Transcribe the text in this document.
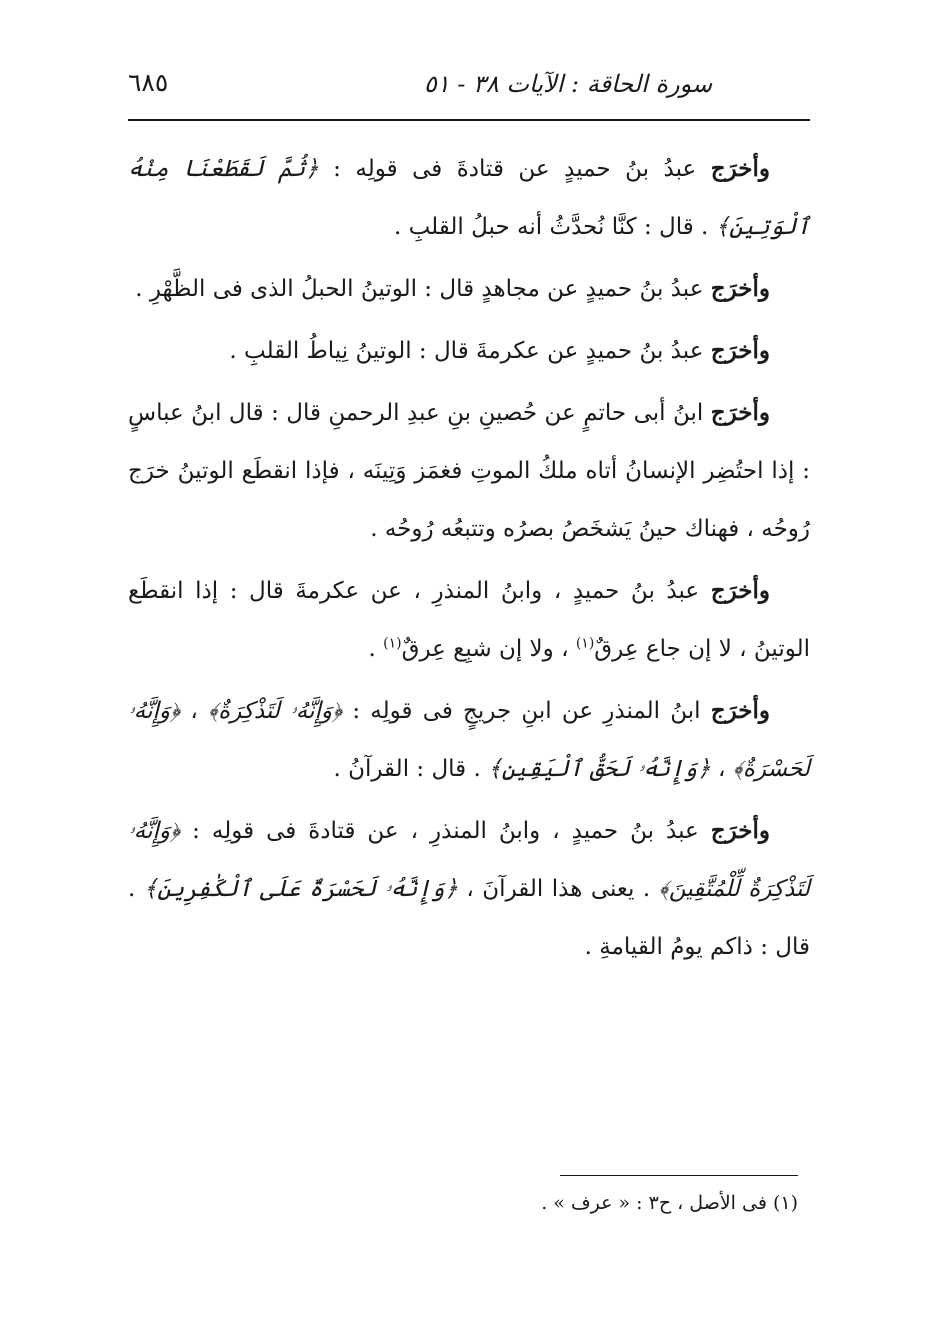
٦٨٥	سورة الحاقة : الآيات ٣٨ - ٥١

وأخرَج عبدُ بنُ حميدٍ عن قتادةَ فى قولِه : ﴿ثُمَّ لَقَطَعْنَا مِنْهُ ٱلْوَتِينَ﴾ . قال : كنَّا نُحدَّثُ أنه حبلُ القلبِ .

وأخرَج عبدُ بنُ حميدٍ عن مجاهدٍ قال : الوتينُ الحبلُ الذى فى الظَّهْرِ .

وأخرَج عبدُ بنُ حميدٍ عن عكرمةَ قال : الوتينُ نِياطُ القلبِ .

وأخرَج ابنُ أبى حاتمٍ عن حُصينِ بنِ عبدِ الرحمنِ قال : قال ابنُ عباسٍ : إذا احتُضِر الإنسانُ أتاه ملكُ الموتِ فغمَز وَتِينَه ، فإذا انقطَع الوتينُ خرَج رُوحُه ، فهناك حينُ يَشخَصُ بصرُه وتتبعُه رُوحُه .

وأخرَج عبدُ بنُ حميدٍ ، وابنُ المنذرِ ، عن عكرمةَ قال : إذا انقطَع الوتينُ ، لا إن جاع عِرقٌ$^{(١)}$ ، ولا إن شبِع عِرقٌ$^{(١)}$ .

وأخرَج ابنُ المنذرِ عن ابنِ جريجٍ فى قولِه : ﴿وَإِنَّهُۥ لَتَذْكِرَةٌ﴾ ، ﴿وَإِنَّهُۥ لَحَسْرَةٌ﴾ ، ﴿وَإِنَّهُۥ لَحَقُّ ٱلْيَقِينِ﴾ . قال : القرآنُ .

وأخرَج عبدُ بنُ حميدٍ ، وابنُ المنذرِ ، عن قتادةَ فى قولِه : ﴿وَإِنَّهُۥ لَتَذْكِرَةٌ لِّلْمُتَّقِينَ﴾ . يعنى هذا القرآنَ ، ﴿وَإِنَّهُۥ لَحَسْرَةٌ عَلَى ٱلْكَٰفِرِينَ﴾ . قال : ذاكم يومُ القيامةِ .

(١) فى الأصل ، ح٣ : « عرف » .
